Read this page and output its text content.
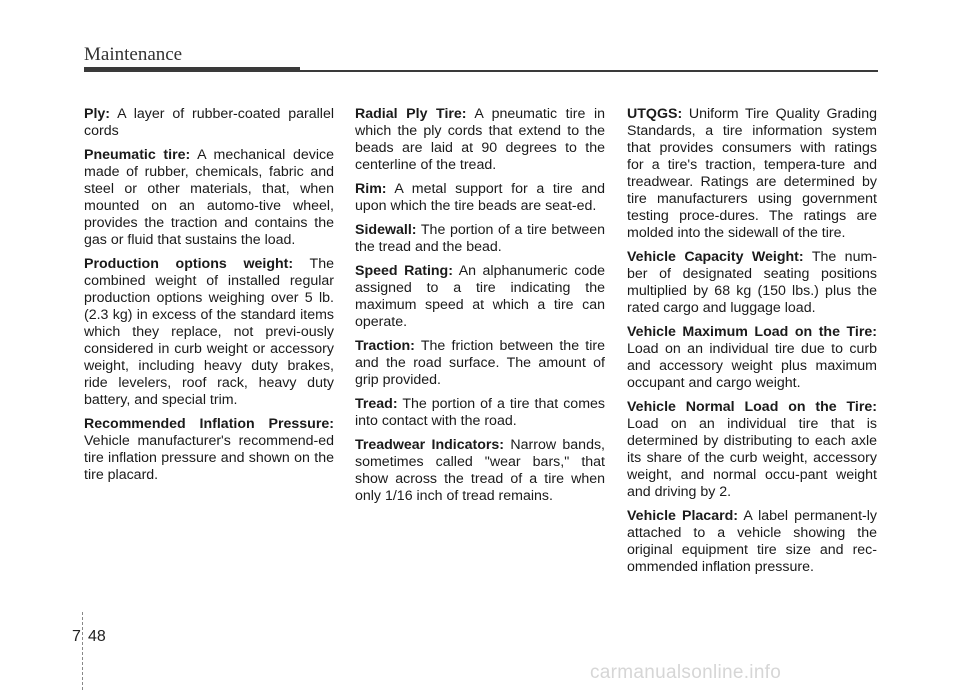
Maintenance

Ply: A layer of rubber-coated parallel cords

Pneumatic tire: A mechanical device made of rubber, chemicals, fabric and steel or other materials, that, when mounted on an automo-tive wheel, provides the traction and contains the gas or fluid that sustains the load.

Production options weight: The combined weight of installed regular production options weighing over 5 lb.(2.3 kg) in excess of the standard items which they replace, not previ-ously considered in curb weight or accessory weight, including heavy duty brakes, ride levelers, roof rack, heavy duty battery, and special trim.

Recommended Inflation Pressure: Vehicle manufacturer's recommend-ed tire inflation pressure and shown on the tire placard.

Radial Ply Tire: A pneumatic tire in which the ply cords that extend to the beads are laid at 90 degrees to the centerline of the tread.

Rim: A metal support for a tire and upon which the tire beads are seat-ed.

Sidewall: The portion of a tire between the tread and the bead.

Speed Rating: An alphanumeric code assigned to a tire indicating the maximum speed at which a tire can operate.

Traction: The friction between the tire and the road surface. The amount of grip provided.

Tread: The portion of a tire that comes into contact with the road.

Treadwear Indicators: Narrow bands, sometimes called "wear bars," that show across the tread of a tire when only 1/16 inch of tread remains.

UTQGS: Uniform Tire Quality Grading Standards, a tire information system that provides consumers with ratings for a tire's traction, tempera-ture and treadwear. Ratings are determined by tire manufacturers using government testing proce-dures. The ratings are molded into the sidewall of the tire.

Vehicle Capacity Weight: The num-ber of designated seating positions multiplied by 68 kg (150 lbs.) plus the rated cargo and luggage load.

Vehicle Maximum Load on the Tire: Load on an individual tire due to curb and accessory weight plus maximum occupant and cargo weight.

Vehicle Normal Load on the Tire: Load on an individual tire that is determined by distributing to each axle its share of the curb weight, accessory weight, and normal occu-pant weight and driving by 2.

Vehicle Placard: A label permanent-ly attached to a vehicle showing the original equipment tire size and rec-ommended inflation pressure.

7 48
carmanualsonline.info
